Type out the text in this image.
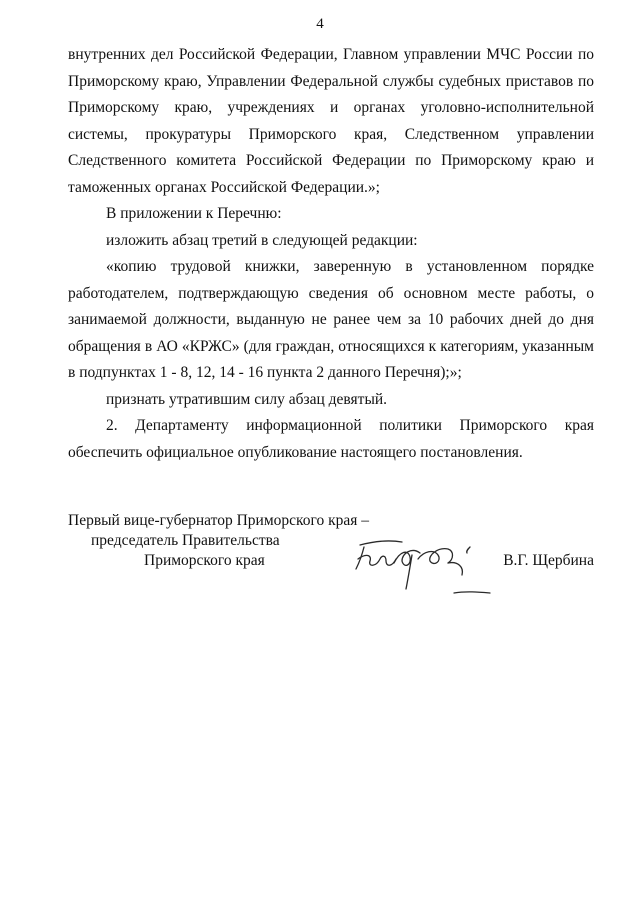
4

внутренних дел Российской Федерации, Главном управлении МЧС России по Приморскому краю, Управлении Федеральной службы судебных приставов по Приморскому краю, учреждениях и органах уголовно-исполнительной системы, прокуратуры Приморского края, Следственном управлении Следственного комитета Российской Федерации по Приморскому краю и таможенных органах Российской Федерации.»;

В приложении к Перечню:

изложить абзац третий в следующей редакции:

«копию трудовой книжки, заверенную в установленном порядке работодателем, подтверждающую сведения об основном месте работы, о занимаемой должности, выданную не ранее чем за 10 рабочих дней до дня обращения в АО «КРЖС» (для граждан, относящихся к категориям, указанным в подпунктах 1 - 8, 12, 14 - 16 пункта 2 данного Перечня);»;

признать утратившим силу абзац девятый.

2. Департаменту информационной политики Приморского края обеспечить официальное опубликование настоящего постановления.

Первый вице-губернатор Приморского края –
председатель Правительства
Приморского края	В.Г. Щербина
